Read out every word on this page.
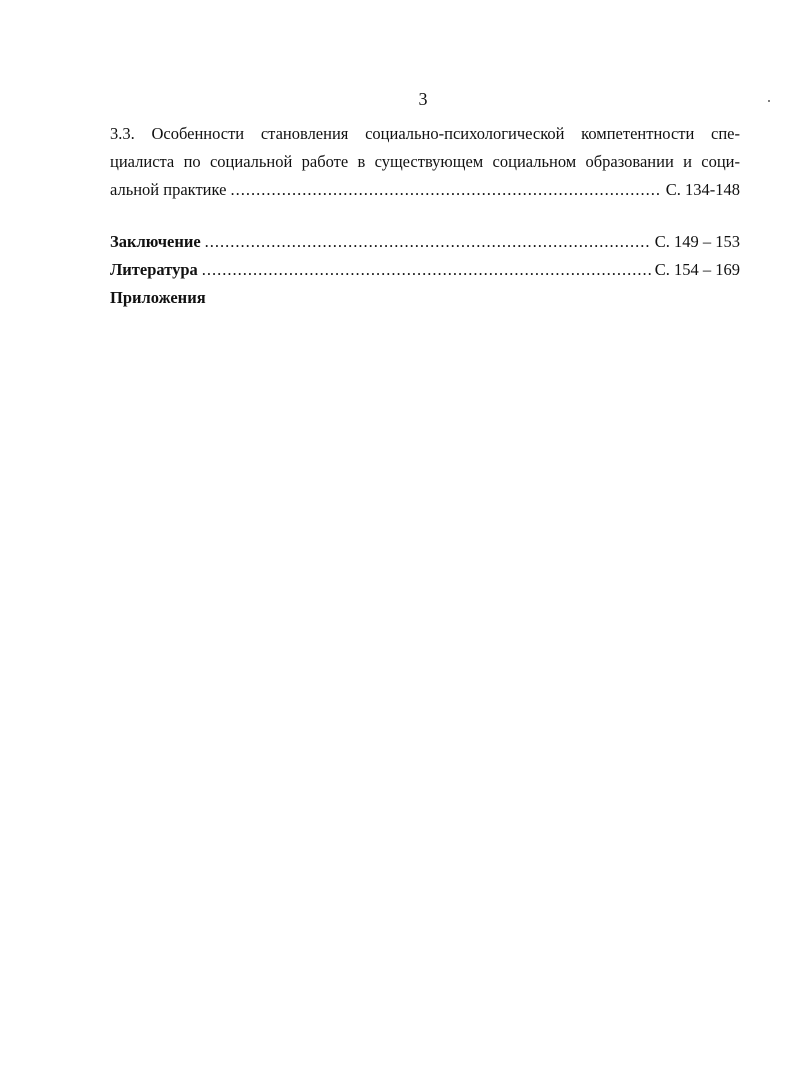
3
3.3. Особенности становления социально-психологической компетентности спе-
циалиста по социальной работе в существующем социальном образовании и соци-
альной практике .....	С. 134-148
Заключение .....	С. 149 – 153
Литература .....	С. 154 – 169
Приложения
